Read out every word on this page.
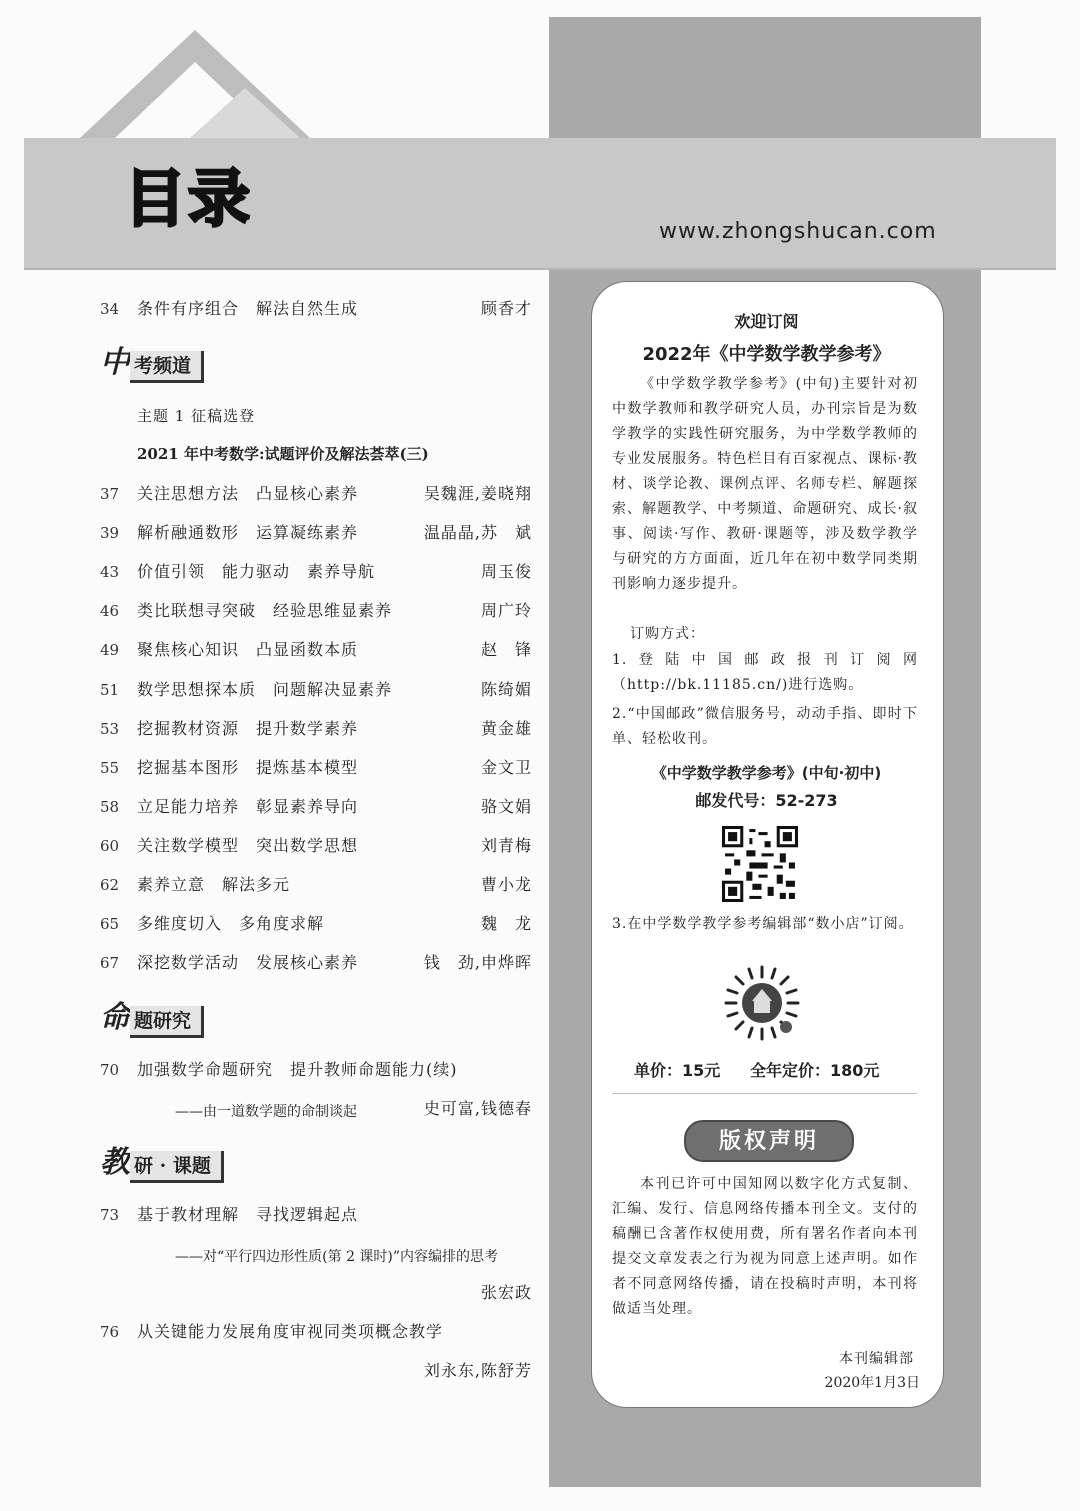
目录	www.zhongshucan.com
34	条件有序组合　解法自然生成	顾香才
中 考频道
主题 1 征稿选登
2021 年中考数学:试题评价及解法荟萃(三)
37	关注思想方法　凸显核心素养	吴魏涯,姜晓翔
39	解析融通数形　运算凝练素养	温晶晶,苏　斌
43	价值引领　能力驱动　素养导航	周玉俊
46	类比联想寻突破　经验思维显素养	周广玲
49	聚焦核心知识　凸显函数本质	赵　锋
51	数学思想探本质　问题解决显素养	陈绮媚
53	挖掘教材资源　提升数学素养	黄金雄
55	挖掘基本图形　提炼基本模型	金文卫
58	立足能力培养　彰显素养导向	骆文娟
60	关注数学模型　突出数学思想	刘青梅
62	素养立意　解法多元	曹小龙
65	多维度切入　多角度求解	魏　龙
67	深挖数学活动　发展核心素养	钱　劲,申烨晖
命 题研究
70	加强数学命题研究　提升教师命题能力(续)
——由一道数学题的命制谈起	史可富,钱德春
教 研 · 课题
73	基于教材理解　寻找逻辑起点
——对“平行四边形性质(第 2 课时)”内容编排的思考
张宏政
76	从关键能力发展角度审视同类项概念教学
刘永东,陈舒芳
欢迎订阅
2022年《中学数学教学参考》
《中学数学教学参考》(中旬)主要针对初中数学教师和教学研究人员，办刊宗旨是为数学教学的实践性研究服务，为中学数学教师的专业发展服务。特色栏目有百家视点、课标·教材、谈学论教、课例点评、名师专栏、解题探索、解题教学、中考频道、命题研究、成长·叙事、阅读·写作、教研·课题等，涉及数学教学与研究的方方面面，近几年在初中数学同类期刊影响力逐步提升。
订购方式：
1.登陆中国邮政报刊订阅网（http://bk.11185.cn/)进行选购。
2.“中国邮政”微信服务号，动动手指、即时下单、轻松收刊。
《中学数学教学参考》(中旬·初中)
邮发代号：52-273
3.在中学数学教学参考编辑部“数小店”订阅。
单价：15元 全年定价：180元
版权声明
本刊已许可中国知网以数字化方式复制、汇编、发行、信息网络传播本刊全文。支付的稿酬已含著作权使用费，所有署名作者向本刊提交文章发表之行为视为同意上述声明。如作者不同意网络传播，请在投稿时声明，本刊将做适当处理。
本刊编辑部
2020年1月3日
